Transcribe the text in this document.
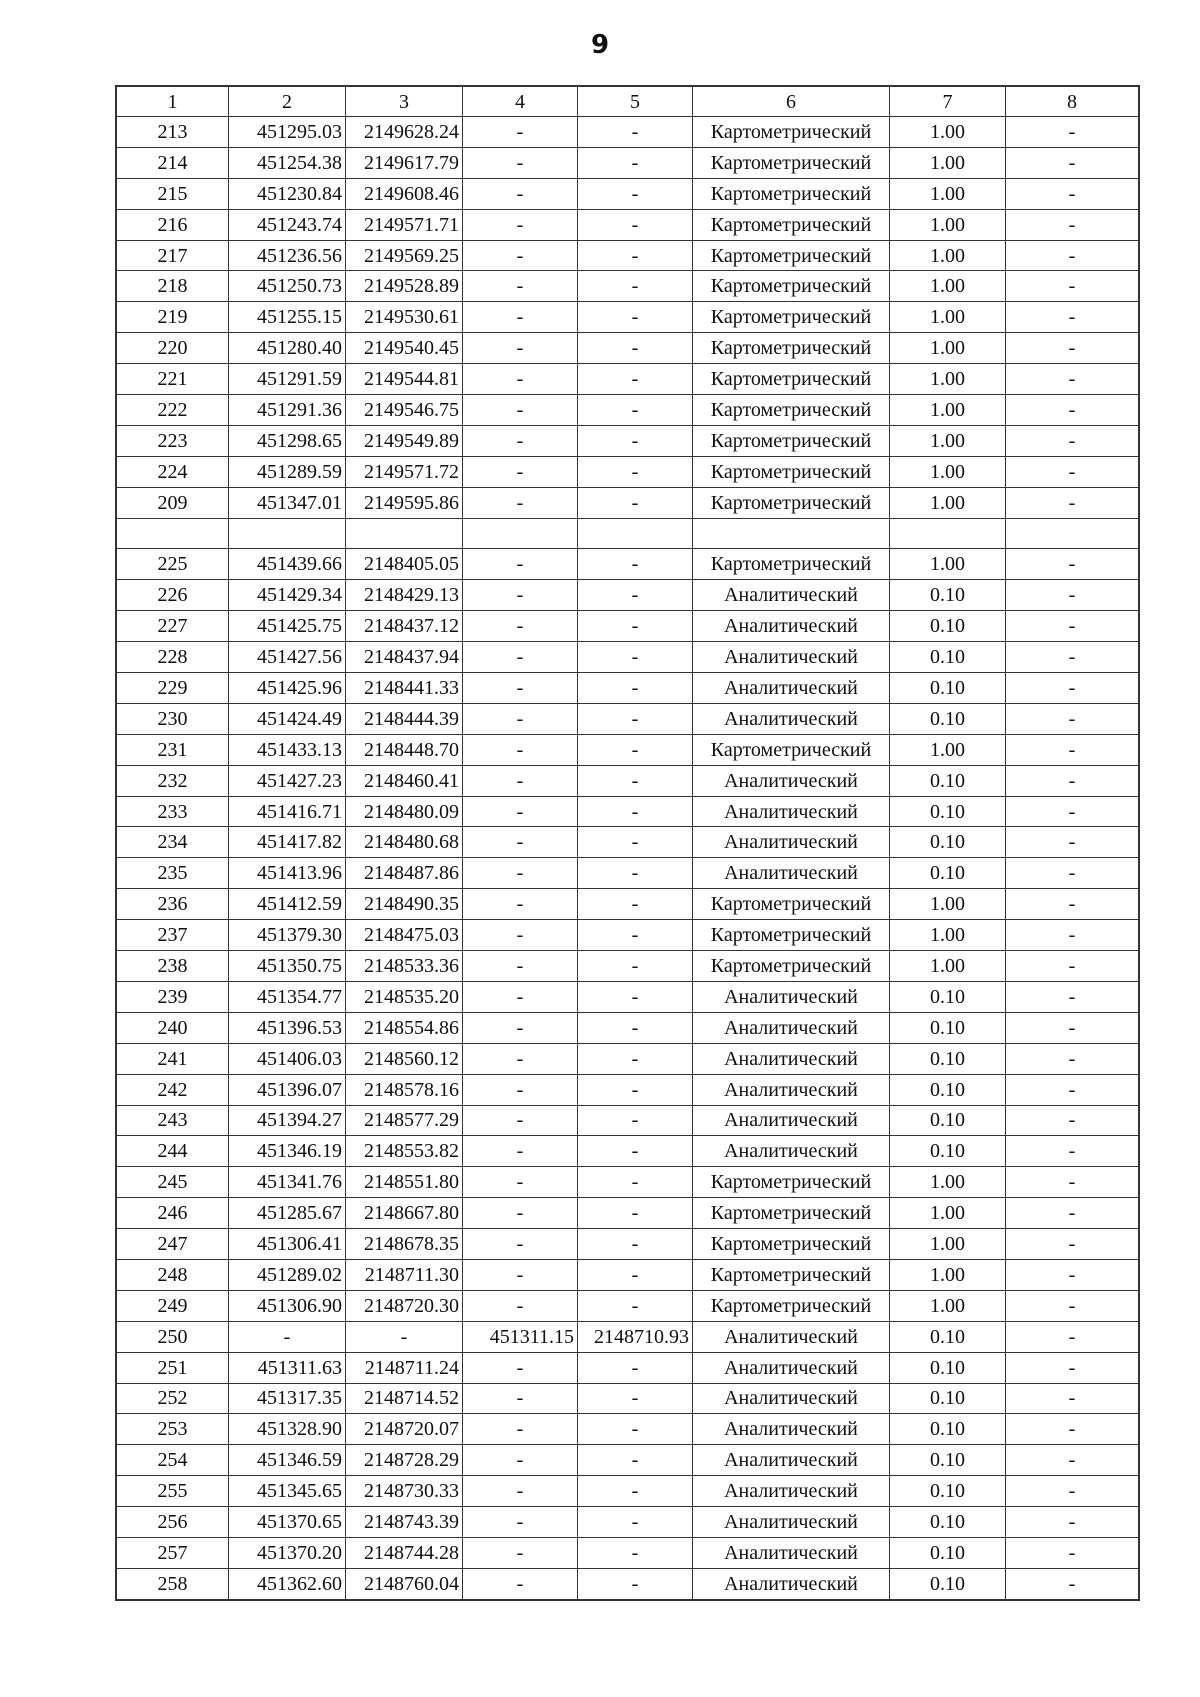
9
1	2	3	4	5	6	7	8
213	451295.03	2149628.24	-	-	Картометрический	1.00	-
214	451254.38	2149617.79	-	-	Картометрический	1.00	-
215	451230.84	2149608.46	-	-	Картометрический	1.00	-
216	451243.74	2149571.71	-	-	Картометрический	1.00	-
217	451236.56	2149569.25	-	-	Картометрический	1.00	-
218	451250.73	2149528.89	-	-	Картометрический	1.00	-
219	451255.15	2149530.61	-	-	Картометрический	1.00	-
220	451280.40	2149540.45	-	-	Картометрический	1.00	-
221	451291.59	2149544.81	-	-	Картометрический	1.00	-
222	451291.36	2149546.75	-	-	Картометрический	1.00	-
223	451298.65	2149549.89	-	-	Картометрический	1.00	-
224	451289.59	2149571.72	-	-	Картометрический	1.00	-
209	451347.01	2149595.86	-	-	Картометрический	1.00	-

225	451439.66	2148405.05	-	-	Картометрический	1.00	-
226	451429.34	2148429.13	-	-	Аналитический	0.10	-
227	451425.75	2148437.12	-	-	Аналитический	0.10	-
228	451427.56	2148437.94	-	-	Аналитический	0.10	-
229	451425.96	2148441.33	-	-	Аналитический	0.10	-
230	451424.49	2148444.39	-	-	Аналитический	0.10	-
231	451433.13	2148448.70	-	-	Картометрический	1.00	-
232	451427.23	2148460.41	-	-	Аналитический	0.10	-
233	451416.71	2148480.09	-	-	Аналитический	0.10	-
234	451417.82	2148480.68	-	-	Аналитический	0.10	-
235	451413.96	2148487.86	-	-	Аналитический	0.10	-
236	451412.59	2148490.35	-	-	Картометрический	1.00	-
237	451379.30	2148475.03	-	-	Картометрический	1.00	-
238	451350.75	2148533.36	-	-	Картометрический	1.00	-
239	451354.77	2148535.20	-	-	Аналитический	0.10	-
240	451396.53	2148554.86	-	-	Аналитический	0.10	-
241	451406.03	2148560.12	-	-	Аналитический	0.10	-
242	451396.07	2148578.16	-	-	Аналитический	0.10	-
243	451394.27	2148577.29	-	-	Аналитический	0.10	-
244	451346.19	2148553.82	-	-	Аналитический	0.10	-
245	451341.76	2148551.80	-	-	Картометрический	1.00	-
246	451285.67	2148667.80	-	-	Картометрический	1.00	-
247	451306.41	2148678.35	-	-	Картометрический	1.00	-
248	451289.02	2148711.30	-	-	Картометрический	1.00	-
249	451306.90	2148720.30	-	-	Картометрический	1.00	-
250	-	-	451311.15	2148710.93	Аналитический	0.10	-
251	451311.63	2148711.24	-	-	Аналитический	0.10	-
252	451317.35	2148714.52	-	-	Аналитический	0.10	-
253	451328.90	2148720.07	-	-	Аналитический	0.10	-
254	451346.59	2148728.29	-	-	Аналитический	0.10	-
255	451345.65	2148730.33	-	-	Аналитический	0.10	-
256	451370.65	2148743.39	-	-	Аналитический	0.10	-
257	451370.20	2148744.28	-	-	Аналитический	0.10	-
258	451362.60	2148760.04	-	-	Аналитический	0.10	-
